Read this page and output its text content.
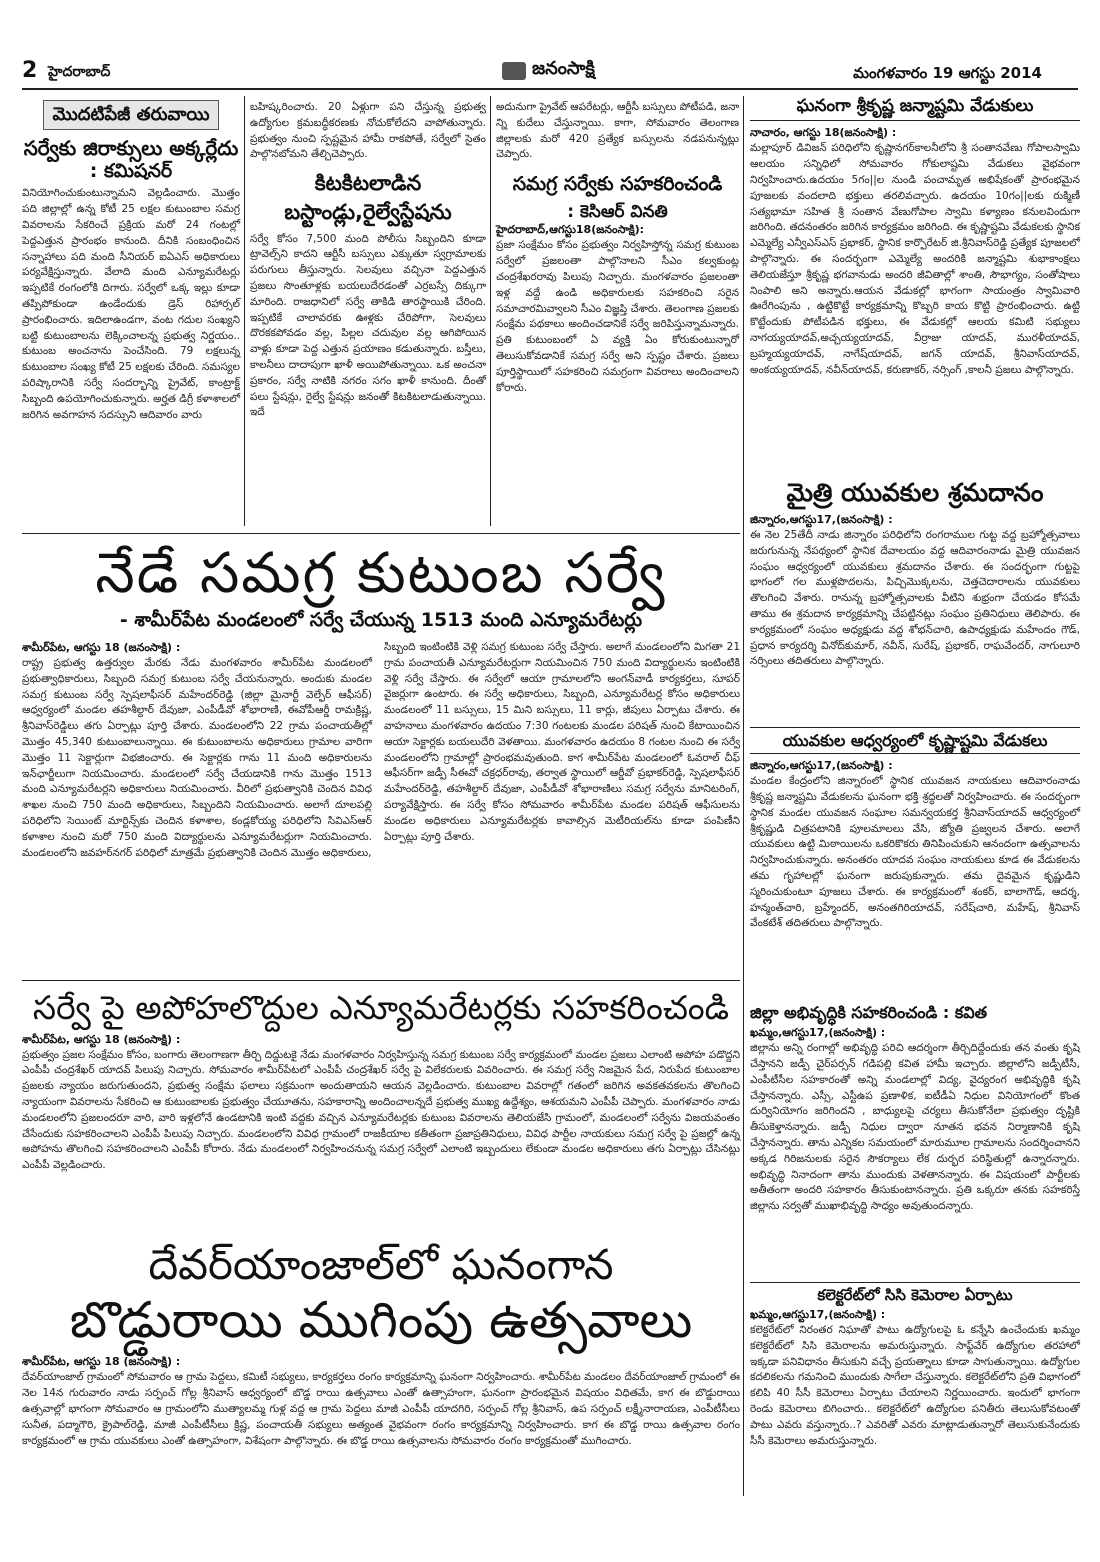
2 హైదరాబాద్	జనంసాక్షి	మంగళవారం 19 ఆగస్టు 2014
మొదటిపేజీ తరువాయి
సర్వేకు జిరాక్సులు అక్కర్లేదు
: కమిషనర్
వినియోగించుకుంటున్నామని వెల్లడించారు. మొత్తం పది జిల్లాల్లో ఉన్న కోటీ 25 లక్షల కుటుంబాల సమగ్ర వివరాలను సేకరించే ప్రక్రియ మరో 24 గంటల్లో పెద్దఎత్తున ప్రారంభం కానుంది. దీనికి సంబంధించిన సన్నాహాలు పది మంది సీనియర్ ఐఏఎస్ అధికారులు పర్యవేక్షిస్తున్నారు. వేలాది మంది ఎన్యూమరేటర్లు ఇప్పటికే రంగంలోకి దిగారు. సర్వేలో ఒక్క ఇల్లు కూడా తప్పిపోకుండా ఉండేందుకు డ్రెస్ రిహార్సల్ ప్రారంభించారు. ఇదిలాఉండగా, వంట గదుల సంఖ్యని బట్టి కుటుంబాలను లెక్కించాలన్న ప్రభుత్వ నిర్ణయం.. కుటుంబ అంచనాను పెంచేసింది. 79 లక్షలున్న కుటుంబాల సంఖ్య కోటీ 25 లక్షలకు చేరింది. సమస్యల పరిష్కారానికి సర్వే సందర్భాన్ని ప్రైవేట్, కాంట్రాక్ట్ సిబ్బంది ఉపయోగించుకున్నారు. అర్హత డిగ్రీ కళాశాలలో జరిగిన అవగాహన సదస్సుని ఆదివారం వారు
బహిష్కరించారు. 20 ఏళ్లుగా పని చేస్తున్న ప్రభుత్వ ఉద్యోగుల క్రమబద్ధీకరణకు నోచుకోలేదని వాపోతున్నారు. ప్రభుత్వం నుంచి స్పష్టమైన హామీ రాకపోతే, సర్వేలో సైతం పాల్గొనబోమని తేల్చిచెప్పారు.
కిటకిటలాడిన
బస్టాండ్లు,రైల్వేస్టేషను
సర్వే కోసం 7,500 మంది పోలీసు సిబ్బందిని కూడా ట్రావెల్స్‌ని కాదని ఆర్టీసీ బస్సులు ఎక్కుతూ స్వగ్రామాలకు పరుగులు తీస్తున్నారు. సెలవులు వచ్చినా పెద్దఎత్తున ప్రజలు సొంతూళ్లకు బయలుదేరడంతో ఎర్రబస్సే దిక్కుగా మారింది. రాజధానిలో సర్వే తాకిడి తారస్థాయికి చేరింది. ఇప్పటికే చాలావరకు ఊళ్లకు చేరిపోగా, సెలవులు దొరకకపోవడం వల్ల, పిల్లల చదువుల వల్ల ఆగిపోయిన వాళ్లు కూడా పెద్ద ఎత్తున ప్రయాణం కడుతున్నారు. బస్తీలు, కాలనీలు దాదాపుగా ఖాళీ అయిపోతున్నాయి. ఒక అంచనా ప్రకారం, సర్వే నాటికి నగరం సగం ఖాళీ కానుంది. దీంతో పలు స్టేషన్లు, రైల్వే స్టేషన్లు జనంతో కిటకిటలాడుతున్నాయి. ఇదే
అదునుగా ప్రైవేట్ ఆపరేటర్లు, ఆర్టీసీ బస్సులు పోటీపడి, జనా న్ని కుదేలు చేస్తున్నాయి. కాగా, సోమవారం తెలంగాణ జిల్లాలకు మరో 420 ప్రత్యేక బస్సులను నడపనున్నట్లు చెప్పారు.
సమగ్ర సర్వేకు సహకరించండి
: కెసిఆర్ వినతి
హైదరాబాద్,ఆగస్టు18(జనంసాక్షి):
ప్రజా సంక్షేమం కోసం ప్రభుత్వం నిర్వహిస్తోన్న సమగ్ర కుటుంబ సర్వేలో ప్రజలంతా పాల్గొనాలని సీఎం కల్వకుంట్ల చంద్రశేఖరరావు పిలుపు నిచ్చారు. మంగళవారం ప్రజలంతా ఇళ్ల వద్దే ఉండి అధికారులకు సహకరించి సరైన సమాచారమివ్వాలని సీఎం విజ్ఞప్తి చేశారు. తెలంగాణ ప్రజలకు సంక్షేమ పథకాలు అందించడానికే సర్వే జరిపిస్తున్నామన్నారు. ప్రతి కుటుంబంలో ఏ వ్యక్తి ఏం కోరుకుంటున్నారో తెలుసుకోవడానికే సమగ్ర సర్వే అని స్పష్టం చేశారు. ప్రజలు పూర్తిస్థాయిలో సహకరించి సమగ్రంగా వివరాలు అందించాలని కోరారు.
నేడే సమగ్ర కుటుంబ సర్వే
- శామీర్‌పేట మండలంలో సర్వే చేయున్న 1513 మంది ఎన్యూమరేటర్లు
శామీర్‌పేట, ఆగస్టు 18 (జనంసాక్షి) :
రాష్ట్ర ప్రభుత్వ ఉత్తర్వుల మేరకు నేడు మంగళవారం శామీర్‌పేట మండలంలో ప్రభుత్వాధికారులు, సిబ్బంది సమగ్ర కుటుంబ సర్వే చేయనున్నారు. అందుకు మండల సమగ్ర కుటుంబ సర్వే స్పెషలాఫీసర్ మహేందర్‌రెడ్డి (జిల్లా మైనార్టీ వెల్ఫేర్ ఆఫీసర్) ఆధ్వర్యంలో మండల తహశీల్దార్ దేవుజా, ఎంపీడీవో శోభారాణి, ఈవోపీఆర్డీ రామక్రిష్ణ, శ్రీనివాస్‌రెడ్డిలు తగు ఏర్పాట్లు పూర్తి చేశారు. మండలంలోని 22 గ్రామ పంచాయతీల్లో మొత్తం 45,340 కుటుంబాలున్నాయి. ఈ కుటుంబాలను అధికారులు గ్రామాల వారిగా మొత్తం 11 సెక్టార్లుగా విభజించారు. ఈ సెక్టార్లకు గాను 11 మంది అధికారులను ఇన్‌ఛార్జీలుగా నియమించారు. మండలంలో సర్వే చేయడానికి గాను మొత్తం 1513 మంది ఎన్యూమరేటర్లని అధికారులు నియమించారు. వీరిలో ప్రభుత్వానికి చెందిన వివిధ శాఖల నుంచి 750 మంది అధికారులు, సిబ్బందిని నియమించారు. అలాగే దూలపల్లి పరిధిలోని సెయింట్ మార్టిన్స్‌కు చెందిన కళాశాల, కండ్లకోయ్య పరిధిలోని సివిఎస్ఆర్ కళాశాల నుంచి మరో 750 మంది విద్యార్థులను ఎన్యూమరేటర్లుగా నియమించారు. మండలంలోని జవహర్‌నగర్ పరిధిలో మాత్రమే ప్రభుత్వానికి చెందిన మొత్తం అధికారులు,
సిబ్బంది ఇంటింటికి వెళ్లి సమగ్ర కుటుంబ సర్వే చేస్తారు. అలాగే మండలంలోని మిగతా 21 గ్రామ పంచాయతీ ఎన్యూమరేటర్లుగా నియమించిన 750 మంది విద్యార్థులను ఇంటింటికి వెళ్లి సర్వే చేస్తారు. ఈ సర్వేలో ఆయా గ్రామాలలోని అంగన్‌వాడీ కార్యకర్తలు, సూపర్ వైజర్లుగా ఉంటారు. ఈ సర్వే అధికారులు, సిబ్బంది, ఎన్యూమరేటర్ల కోసం అధికారులు మండలంలో 11 బస్సులు, 15 మిని బస్సులు, 11 కార్లు, జీపులు ఏర్పాటు చేశారు. ఈ వాహనాలు మంగళవారం ఉదయం 7:30 గంటలకు మండల పరిషత్ నుంచి కేటాయించిన ఆయా సెక్టార్లకు బయలుదేరి వెళతాయి. మంగళవారం ఉదయం 8 గంటల నుంచి ఈ సర్వే మండలంలోని గ్రామాల్లో ప్రారంభమవుతుంది. కాగ శామీర్‌పేట మండలంలో ఓవరాల్ చీఫ్ ఆఫీసర్‌గా జడ్పీ సీఈవో చక్రధర్‌రావు, తర్వాత స్థాయిలో ఆర్డీవో ప్రభాకర్‌రెడ్డి, స్పెషలాఫీసర్ మహేందర్‌రెడ్డి, తహశీల్దార్ దేవుజా, ఎంపీడీవో శోభారాణిలు సమగ్ర సర్వేను మానిటరింగ్, పర్యావేక్షిస్తారు. ఈ సర్వే కోసం సోమవారం శామీర్‌పేట మండల పరిషత్ ఆఫీసులను మండల అధికారులు ఎన్యూమరేటర్లకు కావాల్సిన మెటీరియల్‌ను కూడా పంపిణీని ఏర్పాట్లు పూర్తి చేశారు.
సర్వే పై అపోహలొద్దుల ఎన్యూమరేటర్లకు సహకరించండి
శామీర్‌పేట, ఆగస్టు 18 (జనంసాక్షి) :
ప్రభుత్వం ప్రజల సంక్షేమం కోసం, బంగారు తెలంగాణగా తీర్చి దిద్దుటకై నేడు మంగళవారం నిర్వహిస్తున్న సమగ్ర కుటుంబ సర్వే కార్యక్రమంలో మండల ప్రజలు ఎలాంటి అపోహ పడొద్దని ఎంపీపీ చంద్రశేఖర్ యాదవ్ పిలుపు నిచ్చారు. సోమవారం శామీర్‌పేటలో ఎంపీపీ చంద్రశేఖర్ సర్వే పై విలేకరులకు వివరించారు. ఈ సమగ్ర సర్వే నిజమైన పేద, నిరుపేద కుటుంబాల ప్రజలకు న్యాయం జరుగుతుందని, ప్రభుత్వ సంక్షేమ ఫలాలు సక్రమంగా అందుతాయని ఆయన వెల్లడించారు. కుటుంబాల వివరాల్లో గతంలో జరిగిన అవకతవకలను తొలగించి న్యాయంగా వివరాలను సేకరించి ఆ కుటుంబాలకు ప్రభుత్వం చేయూతను, సహకారాన్ని అందించాలన్నదే ప్రభుత్వ ముఖ్య ఉద్దేశ్యం, ఆశయమని ఎంపీపీ చెప్పారు. మంగళవారం నాడు మండలంలోని ప్రజలందరూ వారి, వారి ఇళ్లలోనే ఉండటానికి ఇంటి వద్దకు వచ్చిన ఎన్యూమరేటర్లకు కుటుంబ వివరాలను తెలియజేసి గ్రామంలో, మండలంలో సర్వేను విజయవంతం చేసేందుకు సహకరించాలని ఎంపీపీ పిలుపు నిచ్చారు. మండలంలోని వివిధ గ్రామంలో రాజకీయాల కతీతంగా ప్రజాప్రతినిధులు, వివిధ పార్టీల నాయకులు సమగ్ర సర్వే పై ప్రజల్లో ఉన్న అపోహను తొలగించి సహకరించాలని ఎంపీపీ కోరారు. నేడు మండలంలో నిర్వహించనున్న సమగ్ర సర్వేలో ఎలాంటి ఇబ్బందులు లేకుండా మండల అధికారులు తగు ఏర్పాట్లు చేసినట్లు ఎంపీపీ వెల్లడించారు.
దేవర్‌యాంజాల్‌లో ఘనంగాన
బొడ్డురాయి ముగింపు ఉత్సవాలు
శామీర్‌పేట, ఆగస్టు 18 (జనంసాక్షి) :
దేవర్‌యాంజాల్ గ్రామంలో సోమవారం ఆ గ్రామ పెద్దలు, కమిటీ సభ్యులు, కార్యకర్తలు రంగం కార్యక్రమాన్ని ఘనంగా నిర్వహించారు. శామీర్‌పేట మండలం దేవర్‌యాంజాల్ గ్రామంలో ఈ నెల 14న గురువారం నాడు సర్పంచ్ గోల్ల శ్రీనివాస్ ఆధ్వర్యంలో బొడ్డ రాయి ఉత్సవాలు ఎంతో ఉత్సాహంగా, ఘనంగా ప్రారంభమైన విషయం విధితమే, కాగ ఈ బొడ్డురాయి ఉత్సవాల్లో భాగంగా సోమవారం ఆ గ్రామంలోని ముత్యాలమ్మ గుళ్ల వద్ద ఆ గ్రామ పెద్దలు మాజీ ఎంపీపీ యాదగిరి, సర్పంచ్ గోల్ల శ్రీనివాస్, ఉప సర్పంచ్ లక్ష్మీనారాయణ, ఎంపీటీసీలు సునీత, పద్మాగౌరి, క్రైపాల్‌రెడ్డి, మాజీ ఎంపీటీసీలు క్రిష్ణ, పంచాయతీ సభ్యులు అత్యంత వైభవంగా రంగం కార్యక్రమాన్ని నిర్వహించారు. కాగ ఈ బొడ్డ రాయి ఉత్సవాల రంగం కార్యక్రమంలో ఆ గ్రామ యువకులు ఎంతో ఉత్సాహంగా, విశేషంగా పాల్గొన్నారు. ఈ బొడ్డ రాయి ఉత్సవాలను సోమవారం రంగం కార్యక్రమంతో ముగించారు.
ఘనంగా శ్రీకృష్ణ జన్మాష్టమి వేడుకులు
నాచారం, ఆగస్టు 18(జనంసాక్షి) :
మల్లాపూర్ డివిజన్ పరిధిలోని కృష్ణానగర్‌కాలనీలోని శ్రీ సంతానవేణు గోపాలస్వామి ఆలయం సన్నిధిలో సోమవారం గోకులాష్టమి వేడుకలు వైభవంగా నిర్వహించారు.ఉదయం 5గం||ల నుండి పంచామృత అభిషేకంతో ప్రారంభమైన పూజలకు వందలాది భక్తులు తరలివచ్చారు. ఉదయం 10గం||లకు రుక్మిణీ సత్యభామా సహిత శ్రీ సంతాన వేణుగోపాల స్వామి కళ్యాణం కనులవిందుగా జరిగింది. తదనంతరం జరిగిన కార్యక్రమం జరిగింది. ఈ కృష్ణాష్టమి వేడుకలకు స్థానిక ఎమ్మెల్యే ఎన్వీఎస్ఎస్ ప్రభాకర్, స్థానిక కార్పొరేటర్ జి.శ్రీనివాస్‌రెడ్డి ప్రత్యేక పూజలలో పాల్గొన్నారు. ఈ సందర్భంగా ఎమ్మెల్యే అందరికి జన్మాష్టమి శుభాకాంక్షలు తెలియజేస్తూ శ్రీకృష్ణ భగవానుడు అందరి జీవితాల్లో శాంతి, సౌభాగ్యం, సంతోషాలు నింపాలి అని అన్నారు.ఆయన వేడుకల్లో భాగంగా సాయంత్రం స్వామివారి ఊరేగింపును , ఉట్టికొట్టే కార్యక్రమాన్ని కొబ్బరి కాయ కొట్టి ప్రారంభించారు. ఉట్టి కొట్టేందుకు పోటీపడిన భక్తులు, ఈ వేడుకల్లో ఆలయ కమిటి సభ్యులు నాగయ్యయాదవ్,అచ్చయ్యయాదవ్, వీర్రాజు యాదవ్, మురళీయాదవ్, బ్రహ్మయ్యయాదవ్, నాగేష్‌యాదవ్, జగన్ యాదవ్, శ్రీనివాస్‌యాదవ్, అంకయ్యయాదవ్, నవీన్‌యాదవ్, కరుణాకర్, నర్సింగ్ ,కాలనీ ప్రజలు పాల్గొన్నారు.
మైత్రి యువకుల శ్రమదానం
జిన్నారం,ఆగస్టు17,(జనంసాక్షి) :
ఈ నెల 25తేదీ నాడు జిన్నారం పరిధిలోని రంగరాముల గుట్ట వద్ద బ్రహ్మోత్సవాలు జరుగునున్న నేపథ్యంలో స్థానిక దేవాలయం వద్ద ఆదివారంనాడు మైత్రి యువజన సంఘం ఆధ్వర్యంలో యువకులు శ్రమదానం చేశారు. ఈ సందర్భంగా గుట్టపై భాగంలో గల ముళ్లపొదలను, పిచ్చిమొక్కలను, చెత్తచెదారాలను యువకులు తొలగించి వేశారు. రానున్న బ్రహ్మోత్సవాలకు వీటిని శుభ్రంగా చేయడం కోసమే తాము ఈ శ్రమదాన కార్యక్రమాన్ని చేపట్టినట్లు సంఘం ప్రతినిధులు తెలిపారు. ఈ కార్యక్రమంలో సంఘం అధ్యక్షుడు వద్ద శోభన్‌చారి, ఉపాధ్యక్షుడు మహేందం గౌడ్, ప్రధాన కార్యదర్శి వినోద్‌కుమార్, నవీన్, సురేష్, ప్రభాకర్, రాఘవేందర్, నాగులూరి నర్సింలు తదితరులు పాల్గొన్నారు.
యువకుల ఆధ్వర్యంలో కృష్ణాష్టమి వేడుకలు
జిన్నారం,ఆగస్టు17,(జనంసాక్షి) :
మండల కేంద్రంలోని జిన్నారంలో స్థానిక యువజన నాయకులు ఆదివారంనాడు శ్రీకృష్ణ జన్మాష్టమి వేడుకలను ఘనంగా భక్తి శ్రద్ధలతో నిర్వహించారు. ఈ సందర్భంగా స్థానిక మండల యువజన సంఘాల సమన్వయకర్త శ్రీనివాస్‌యాదవ్ ఆధ్వర్యంలో శ్రీకృష్ణుడి చిత్రపటానికి పూలమాలలు వేసి, జ్యోతి ప్రజ్వలన చేశారు. అలాగే యువకులు ఉట్టి మిఠాయిలను ఒకరికొకరు తినిపించుకుని ఆనందంగా ఉత్సవాలను నిర్వహించుకున్నారు. అనంతరం యాదవ సంఘం నాయకులు కూడ ఈ వేడుకలను తమ గృహాలల్లో ఘనంగా జరుపుకున్నారు. తమ దైవమైన కృష్ణుడిని స్మరించుకుంటూ పూజలు చేశారు. ఈ కార్యక్రమంలో శంకర్, బాలాగౌడ్, ఆదర్శ, హన్మంత్‌చారి, బ్రహ్మేందర్, అనంతగిరియాదవ్, సరేష్‌చారి, మహేష్, శ్రీనివాస్ వేంకటేశ్ తదితరులు పాల్గొన్నారు.
జిల్లా అభివృద్ధికి సహకరించండి : కవిత
ఖమ్మం,ఆగస్టు17,(జనంసాక్షి) :
జిల్లాను అన్ని రంగాల్లో అభివృద్ధి పరిచి ఆదర్శంగా తీర్చిదిద్దేందుకు తన వంతు కృషి చేస్తానని జడ్పీ చైర్‌పర్సన్ గడిపల్లి కవిత హామీ ఇచ్చారు. జిల్లాలోని జడ్పీటీసీ, ఎంపీటీసీల సహకారంతో అన్ని మండలాల్లో విద్య, వైద్యరంగ అభివృద్ధికి కృషి చేస్తానన్నారు. ఎస్సీ, ఎస్టీఉప ప్రణాళిక, ఐటీడీఏ నిధుల వినియోగంలో కొంత దుర్వినియోగం జరిగిందని , బాధ్యులపై చర్యలు తీసుకోనేలా ప్రభుత్వం దృష్టికి తీసుకెళ్తానన్నారు. జడ్పీ నిధుల ద్వారా నూతన భవన నిర్మాణానికి కృషి చేస్తానన్నారు. తాను ఎన్నికల సమయంలో మారుమూల గ్రామాలను సందర్శించానని అక్కడ గిరిజనులకు సరైన సౌకర్యాలు లేక దుర్భర పరిస్థితుల్లో ఉన్నారన్నారు. అభివృద్ధి నినాదంగా తాను ముందుకు వెళతానన్నారు. ఈ విషయంలో పార్టీలకు అతీతంగా అందరి సహకారం తీసుకుంటానన్నారు. ప్రతి ఒక్కరూ తనకు సహకరిస్తే జిల్లాను సర్వతో ముఖాభివృద్ధి సాధ్యం అవుతుందన్నారు.
కలెక్టరేట్‌లో సిసి కెమెరాల ఏర్పాటు
ఖమ్మం,ఆగస్టు17,(జనంసాక్షి) :
కలెక్టరేట్‌లో నిరంతర నిఘాతో పాటు ఉద్యోగులపై ఓ కన్నేసి ఉంచేందుకు ఖమ్మం కలెక్టరేట్‌లో సిసి కెమెరాలను అమరుస్తున్నారు. సాఫ్ట్‌వేర్ ఉద్యోగుల తరహాలో ఇక్కడా పనివిధానం తీసుకుని వచ్చే ప్రయత్నాలు కూడా సాగుతున్నాయి. ఉద్యోగుల కదలికలను గమనించి ముందుకు సాగేలా చేస్తున్నారు. కలెక్టరేట్‌లోని ప్రతి విభాగంలో కలిపి 40 సీసీ కెమెరాలు ఏర్పాటు చేయాలని నిర్ణయించారు. ఇందులో భాగంగా రెండు కెమెరాలు బిగించారు.. కలెక్టరేట్‌లో ఉద్యోగుల పనితీరు తెలుసుకోవటంతో పాటు ఎవరు వస్తున్నారు..? ఎవరితో ఎవరు మాట్లాడుతున్నారో తెలుసుకునేందుకు సీసీ కెమెరాలు అమరుస్తున్నారు.
